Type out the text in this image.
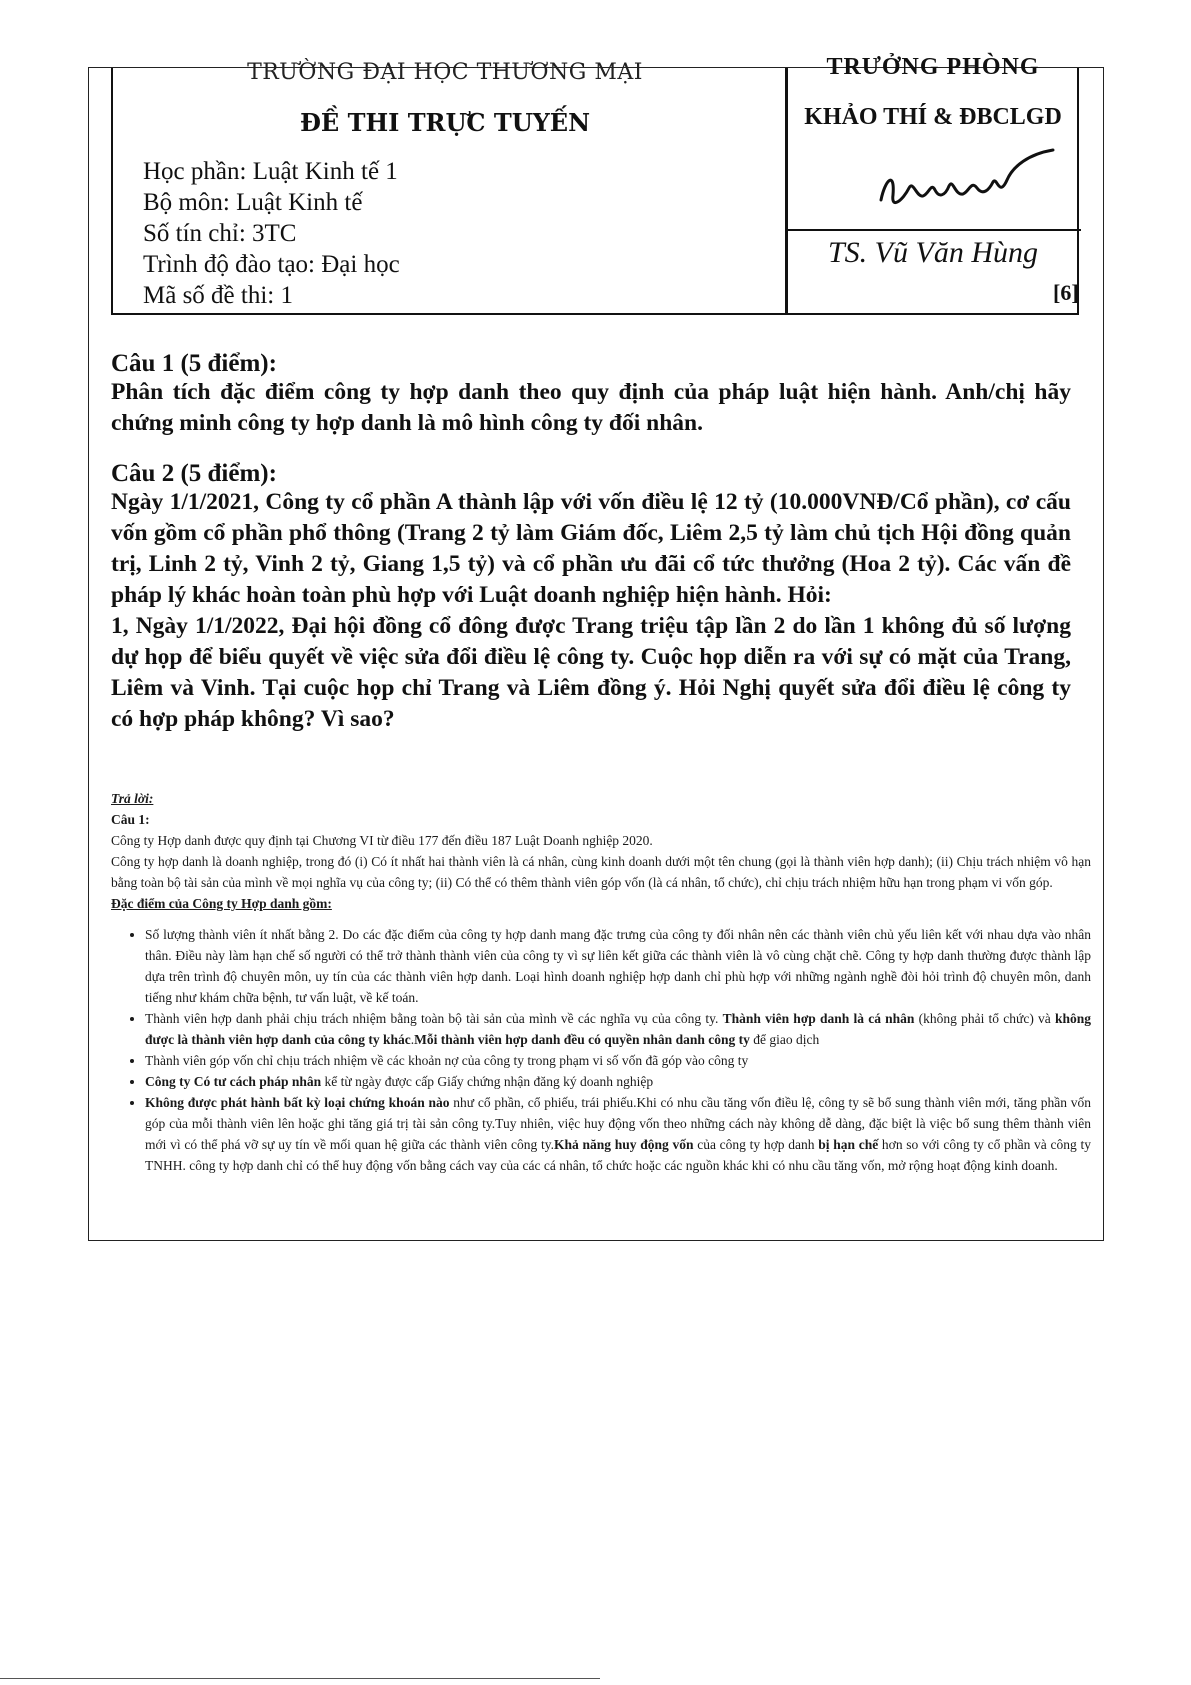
TRƯỜNG ĐẠI HỌC THƯƠNG MẠI
ĐỀ THI TRỰC TUYẾN
Học phần: Luật Kinh tế 1
Bộ môn: Luật Kinh tế
Số tín chỉ: 3TC
Trình độ đào tạo: Đại học
Mã số đề thi: 1
TRƯỞNG PHÒNG
KHẢO THÍ & ĐBCLGD
TS. Vũ Văn Hùng
[6]
Câu 1 (5 điểm):
Phân tích đặc điểm công ty hợp danh theo quy định của pháp luật hiện hành. Anh/chị hãy chứng minh công ty hợp danh là mô hình công ty đối nhân.
Câu 2 (5 điểm):
Ngày 1/1/2021, Công ty cổ phần A thành lập với vốn điều lệ 12 tỷ (10.000VNĐ/Cổ phần), cơ cấu vốn gồm cổ phần phổ thông (Trang 2 tỷ làm Giám đốc, Liêm 2,5 tỷ làm chủ tịch Hội đồng quản trị, Linh 2 tỷ, Vinh 2 tỷ, Giang 1,5 tỷ) và cổ phần ưu đãi cổ tức thưởng (Hoa 2 tỷ). Các vấn đề pháp lý khác hoàn toàn phù hợp với Luật doanh nghiệp hiện hành. Hỏi:
1, Ngày 1/1/2022, Đại hội đồng cổ đông được Trang triệu tập lần 2 do lần 1 không đủ số lượng dự họp để biểu quyết về việc sửa đổi điều lệ công ty. Cuộc họp diễn ra với sự có mặt của Trang, Liêm và Vinh. Tại cuộc họp chỉ Trang và Liêm đồng ý. Hỏi Nghị quyết sửa đổi điều lệ công ty có hợp pháp không? Vì sao?

Trả lời:

Câu 1:

Công ty Hợp danh được quy định tại Chương VI từ điều 177 đến điều 187 Luật Doanh nghiệp 2020.

Công ty hợp danh là doanh nghiệp, trong đó (i) Có ít nhất hai thành viên là cá nhân, cùng kinh doanh dưới một tên chung (gọi là thành viên hợp danh); (ii) Chịu trách nhiệm vô hạn bằng toàn bộ tài sản của mình về mọi nghĩa vụ của công ty; (ii) Có thể có thêm thành viên góp vốn (là cá nhân, tổ chức), chỉ chịu trách nhiệm hữu hạn trong phạm vi vốn góp.

Đặc điểm của Công ty Hợp danh gồm:

• Số lượng thành viên ít nhất bằng 2. Do các đặc điểm của công ty hợp danh mang đặc trưng của công ty đối nhân nên các thành viên chủ yếu liên kết với nhau dựa vào nhân thân. Điều này làm hạn chế số người có thể trở thành thành viên của công ty vì sự liên kết giữa các thành viên là vô cùng chặt chẽ. Công ty hợp danh thường được thành lập dựa trên trình độ chuyên môn, uy tín của các thành viên hợp danh. Loại hình doanh nghiệp hợp danh chỉ phù hợp với những ngành nghề đòi hỏi trình độ chuyên môn, danh tiếng như khám chữa bệnh, tư vấn luật, về kế toán.
• Thành viên hợp danh phải chịu trách nhiệm bằng toàn bộ tài sản của mình về các nghĩa vụ của công ty. Thành viên hợp danh là cá nhân (không phải tổ chức) và không được là thành viên hợp danh của công ty khác.Mỗi thành viên hợp danh đều có quyền nhân danh công ty để giao dịch
• Thành viên góp vốn chỉ chịu trách nhiệm về các khoản nợ của công ty trong phạm vi số vốn đã góp vào công ty
• Công ty Có tư cách pháp nhân kể từ ngày được cấp Giấy chứng nhận đăng ký doanh nghiệp
• Không được phát hành bất kỳ loại chứng khoán nào như cổ phần, cổ phiếu, trái phiếu.Khi có nhu cầu tăng vốn điều lệ, công ty sẽ bổ sung thành viên mới, tăng phần vốn góp của mỗi thành viên lên hoặc ghi tăng giá trị tài sản công ty.Tuy nhiên, việc huy động vốn theo những cách này không dễ dàng, đặc biệt là việc bổ sung thêm thành viên mới vì có thể phá vỡ sự uy tín về mối quan hệ giữa các thành viên công ty.Khả năng huy động vốn của công ty hợp danh bị hạn chế hơn so với công ty cổ phần và công ty TNHH. công ty hợp danh chỉ có thể huy động vốn bằng cách vay của các cá nhân, tổ chức hoặc các nguồn khác khi có nhu cầu tăng vốn, mở rộng hoạt động kinh doanh.
